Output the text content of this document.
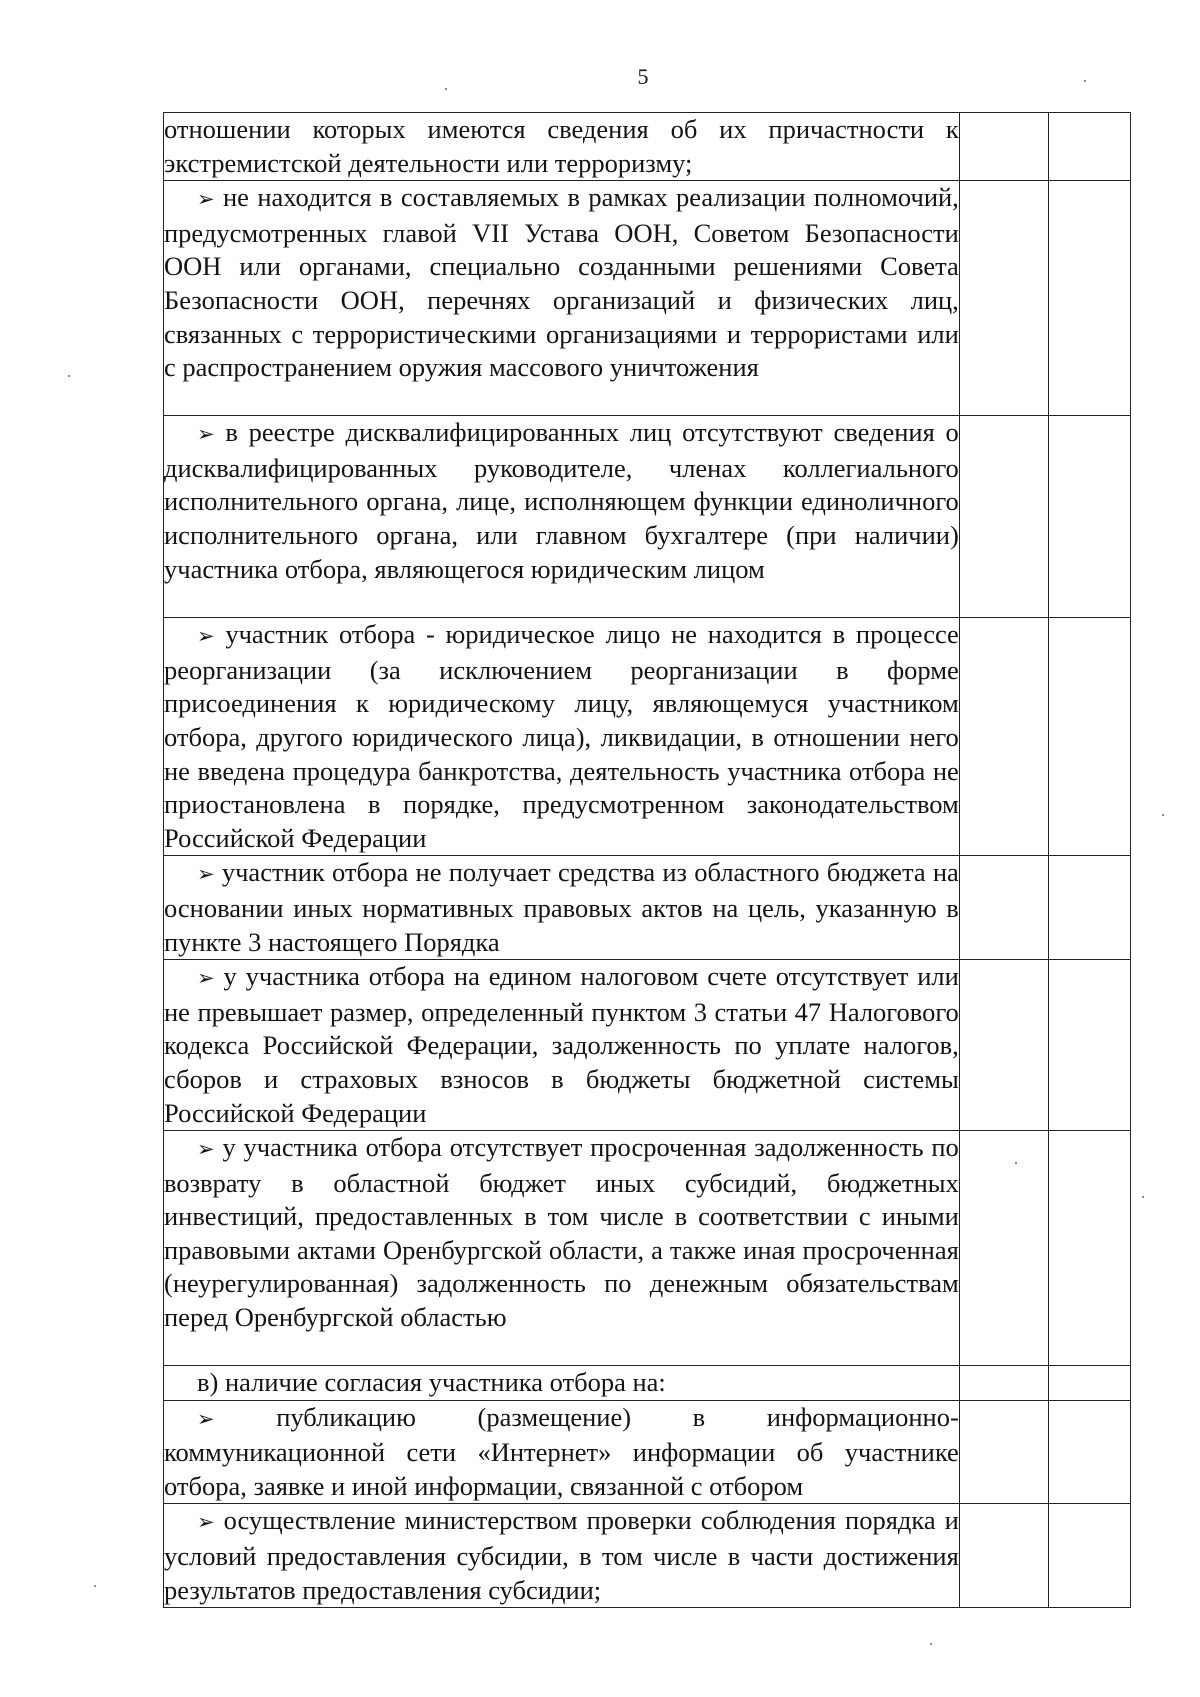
5

отношении которых имеются сведения об их причастности к экстремистской деятельности или терроризму;		

➢ не находится в составляемых в рамках реализации полномочий, предусмотренных главой VII Устава ООН, Советом Безопасности ООН или органами, специально созданными решениями Совета Безопасности ООН, перечнях организаций и физических лиц, связанных с террористическими организациями и террористами или с распространением оружия массового уничтожения		

➢ в реестре дисквалифицированных лиц отсутствуют сведения о дисквалифицированных руководителе, членах коллегиального исполнительного органа, лице, исполняющем функции единоличного исполнительного органа, или главном бухгалтере (при наличии) участника отбора, являющегося юридическим лицом		

➢ участник отбора - юридическое лицо не находится в процессе реорганизации (за исключением реорганизации в форме присоединения к юридическому лицу, являющемуся участником отбора, другого юридического лица), ликвидации, в отношении него не введена процедура банкротства, деятельность участника отбора не приостановлена в порядке, предусмотренном законодательством Российской Федерации		

➢ участник отбора не получает средства из областного бюджета на основании иных нормативных правовых актов на цель, указанную в пункте 3 настоящего Порядка		

➢ у участника отбора на едином налоговом счете отсутствует или не превышает размер, определенный пунктом 3 статьи 47 Налогового кодекса Российской Федерации, задолженность по уплате налогов, сборов и страховых взносов в бюджеты бюджетной системы Российской Федерации		

➢ у участника отбора отсутствует просроченная задолженность по возврату в областной бюджет иных субсидий, бюджетных инвестиций, предоставленных в том числе в соответствии с иными правовыми актами Оренбургской области, а также иная просроченная (неурегулированная) задолженность по денежным обязательствам перед Оренбургской областью		

в) наличие согласия участника отбора на:		

➢ публикацию (размещение) в информационно-коммуникационной сети «Интернет» информации об участнике отбора, заявке и иной информации, связанной с отбором		

➢ осуществление министерством проверки соблюдения порядка и условий предоставления субсидии, в том числе в части достижения результатов предоставления субсидии;		
